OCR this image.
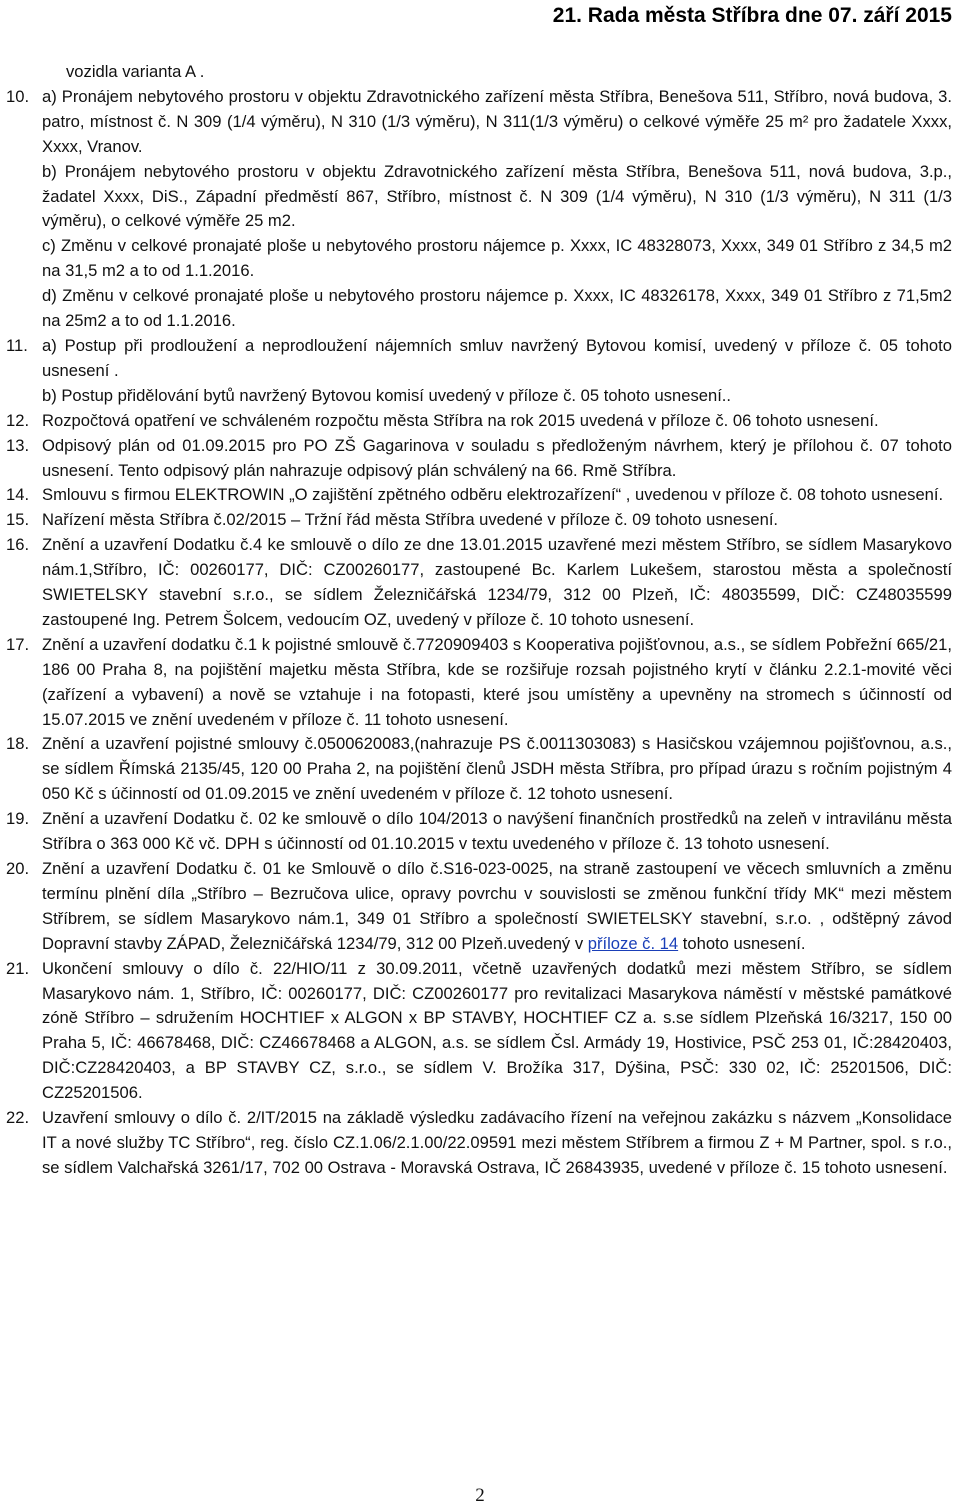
21. Rada města Stříbra dne 07. září 2015
vozidla varianta A .
10. a) Pronájem nebytového prostoru v objektu Zdravotnického zařízení města Stříbra, Benešova 511, Stříbro, nová budova, 3. patro, místnost č. N 309 (1/4 výměru), N 310 (1/3 výměru), N 311(1/3 výměru) o celkové výměře 25 m² pro žadatele Xxxx, Xxxx, Vranov.
b) Pronájem nebytového prostoru v objektu Zdravotnického zařízení města Stříbra, Benešova 511, nová budova, 3.p., žadatel Xxxx, DiS., Západní předměstí 867, Stříbro, místnost č. N 309 (1/4 výměru), N 310 (1/3 výměru), N 311 (1/3 výměru), o celkové výměře 25 m2.
c) Změnu v celkové pronajaté ploše u nebytového prostoru nájemce p. Xxxx, IC 48328073, Xxxx, 349 01 Stříbro z 34,5 m2 na 31,5 m2 a to od 1.1.2016.
d) Změnu v celkové pronajaté ploše u nebytového prostoru nájemce p. Xxxx, IC 48326178, Xxxx, 349 01 Stříbro z 71,5m2 na 25m2 a to od 1.1.2016.
11. a) Postup při prodloužení a neprodloužení nájemních smluv navržený Bytovou komisí, uvedený v příloze č. 05 tohoto usnesení .
b) Postup přidělování bytů navržený Bytovou komisí uvedený v příloze č. 05 tohoto usnesení..
12. Rozpočtová opatření ve schváleném rozpočtu města Stříbra na rok 2015 uvedená v příloze č. 06 tohoto usnesení.
13. Odpisový plán od 01.09.2015 pro PO ZŠ Gagarinova v souladu s předloženým návrhem, který je přílohou č. 07 tohoto usnesení. Tento odpisový plán nahrazuje odpisový plán schválený na 66. Rmě Stříbra.
14. Smlouvu s firmou ELEKTROWIN „O zajištění zpětného odběru elektrozařízení“ , uvedenou v příloze č. 08 tohoto usnesení.
15. Nařízení města Stříbra č.02/2015 – Tržní řád města Stříbra uvedené v příloze č. 09 tohoto usnesení.
16. Znění a uzavření Dodatku č.4 ke smlouvě o dílo ze dne 13.01.2015 uzavřené mezi městem Stříbro, se sídlem Masarykovo nám.1,Stříbro, IČ: 00260177, DIČ: CZ00260177, zastoupené Bc. Karlem Lukešem, starostou města a společností SWIETELSKY stavební s.r.o., se sídlem Železničářská 1234/79, 312 00 Plzeň, IČ: 48035599, DIČ: CZ48035599 zastoupené Ing. Petrem Šolcem, vedoucím OZ, uvedený v příloze č. 10 tohoto usnesení.
17. Znění a uzavření dodatku č.1 k pojistné smlouvě č.7720909403 s Kooperativa pojišťovnou, a.s., se sídlem Pobřežní 665/21, 186 00 Praha 8, na pojištění majetku města Stříbra, kde se rozšiřuje rozsah pojistného krytí v článku 2.2.1-movité věci (zařízení a vybavení) a nově se vztahuje i na fotopasti, které jsou umístěny a upevněny na stromech s účinností od 15.07.2015 ve znění uvedeném v příloze č. 11 tohoto usnesení.
18. Znění a uzavření pojistné smlouvy č.0500620083,(nahrazuje PS č.0011303083) s Hasičskou vzájemnou pojišťovnou, a.s., se sídlem Římská 2135/45, 120 00 Praha 2, na pojištění členů JSDH města Stříbra, pro případ úrazu s ročním pojistným 4 050 Kč s účinností od 01.09.2015 ve znění uvedeném v příloze č. 12 tohoto usnesení.
19. Znění a uzavření Dodatku č. 02 ke smlouvě o dílo 104/2013 o navýšení finančních prostředků na zeleň v intravilánu města Stříbra o 363 000 Kč vč. DPH s účinností od 01.10.2015 v textu uvedeného v příloze č. 13 tohoto usnesení.
20. Znění a uzavření Dodatku č. 01 ke Smlouvě o dílo č.S16-023-0025, na straně zastoupení ve věcech smluvních a změnu termínu plnění díla „Stříbro – Bezručova ulice, opravy povrchu v souvislosti se změnou funkční třídy MK“ mezi městem Stříbrem, se sídlem Masarykovo nám.1, 349 01 Stříbro a společností SWIETELSKY stavební, s.r.o. , odštěpný závod Dopravní stavby ZÁPAD, Železničářská 1234/79, 312 00 Plzeň.uvedený v příloze č. 14 tohoto usnesení.
21. Ukončení smlouvy o dílo č. 22/HIO/11 z 30.09.2011, včetně uzavřených dodatků mezi městem Stříbro, se sídlem Masarykovo nám. 1, Stříbro, IČ: 00260177, DIČ: CZ00260177 pro revitalizaci Masarykova náměstí v městské památkové zóně Stříbro – sdružením HOCHTIEF x ALGON x BP STAVBY, HOCHTIEF CZ a. s.se sídlem Plzeňská 16/3217, 150 00 Praha 5, IČ: 46678468, DIČ: CZ46678468 a ALGON, a.s. se sídlem Čsl. Armády 19, Hostivice, PSČ 253 01, IČ:28420403, DIČ:CZ28420403, a BP STAVBY CZ, s.r.o., se sídlem V. Brožíka 317, Dýšina, PSČ: 330 02, IČ: 25201506, DIČ: CZ25201506.
22. Uzavření smlouvy o dílo č. 2/IT/2015 na základě výsledku zadávacího řízení na veřejnou zakázku s názvem „Konsolidace IT a nové služby TC Stříbro“, reg. číslo CZ.1.06/2.1.00/22.09591 mezi městem Stříbrem a firmou Z + M Partner, spol. s r.o., se sídlem Valchařská 3261/17, 702 00 Ostrava - Moravská Ostrava, IČ 26843935, uvedené v příloze č. 15 tohoto usnesení.
2
